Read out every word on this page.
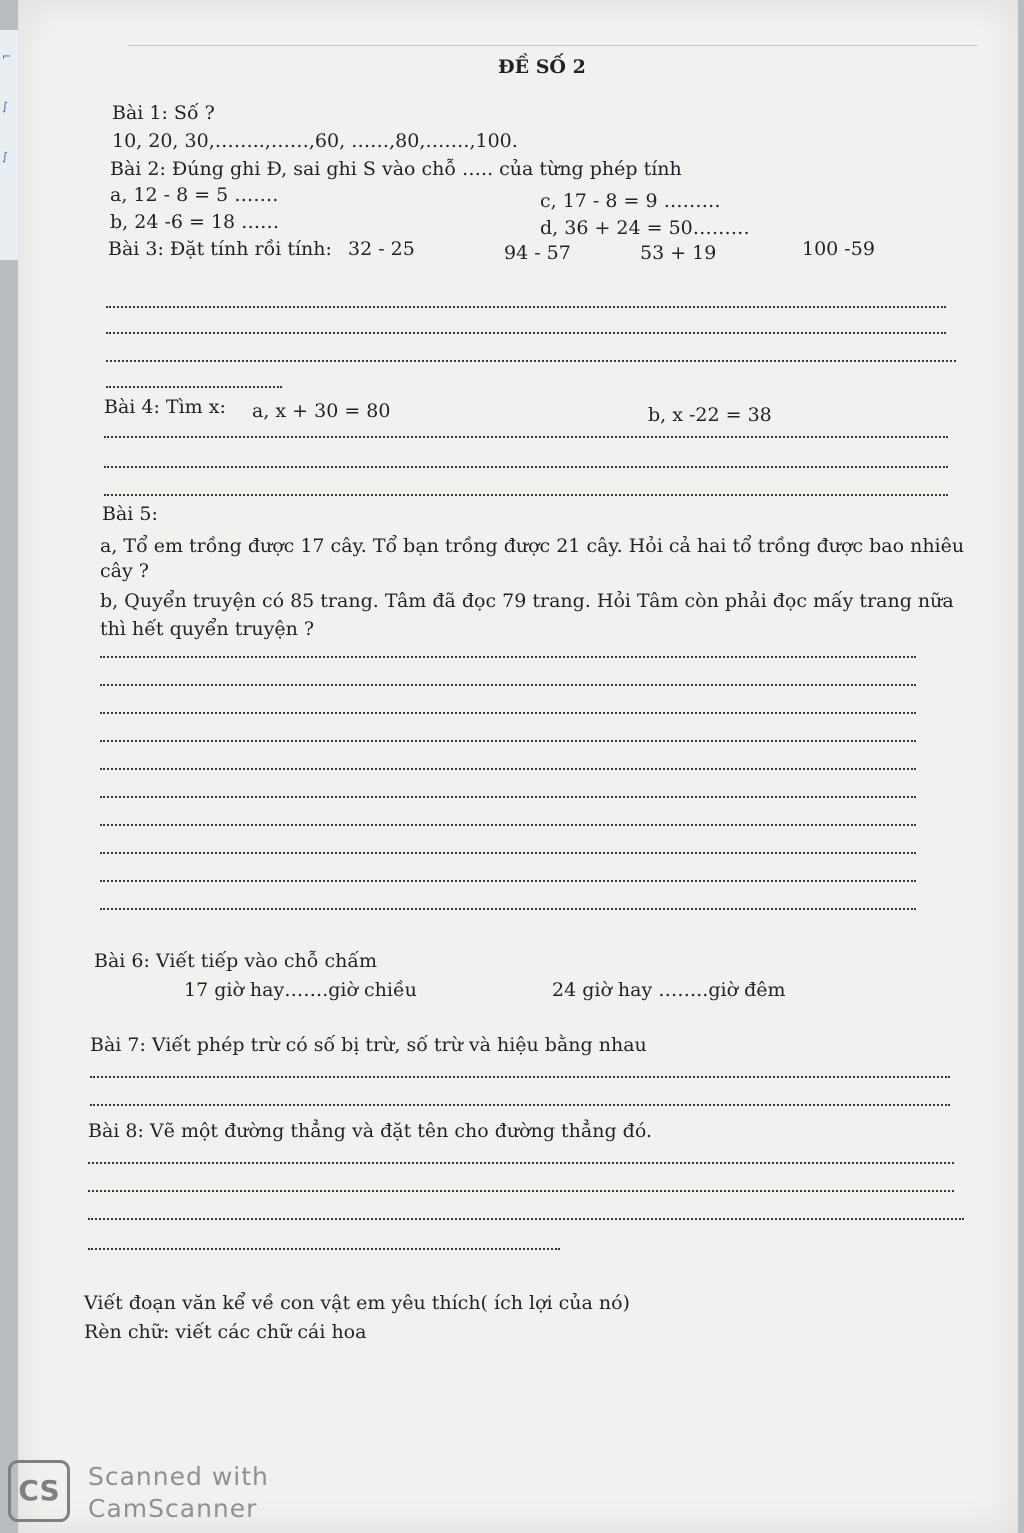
⌐
∫
∫
ĐỀ SỐ 2
Bài 1: Số ?
10, 20, 30,……..,……,60, ……,80,…….,100.
Bài 2: Đúng ghi Đ, sai ghi S vào chỗ ….. của từng phép tính
a, 12 - 8 = 5 …….	c, 17 - 8 = 9 ………
b, 24 -6 = 18 ……	d, 36 + 24 = 50………
Bài 3: Đặt tính rồi tính: 32 - 25	94 - 57	53 + 19	100 -59
Bài 4: Tìm x: a, x + 30 = 80	b, x -22 = 38
Bài 5:
a, Tổ em trồng được 17 cây. Tổ bạn trồng được 21 cây. Hỏi cả hai tổ trồng được bao nhiêu
cây ?
b, Quyển truyện có 85 trang. Tâm đã đọc 79 trang. Hỏi Tâm còn phải đọc mấy trang nữa
thì hết quyển truyện ?
Bài 6: Viết tiếp vào chỗ chấm
17 giờ hay…….giờ chiều	24 giờ hay ……..giờ đêm
Bài 7: Viết phép trừ có số bị trừ, số trừ và hiệu bằng nhau
Bài 8: Vẽ một đường thẳng và đặt tên cho đường thẳng đó.
Viết đoạn văn kể về con vật em yêu thích( ích lợi của nó)
Rèn chữ: viết các chữ cái hoa
CS	Scanned with
CamScanner
